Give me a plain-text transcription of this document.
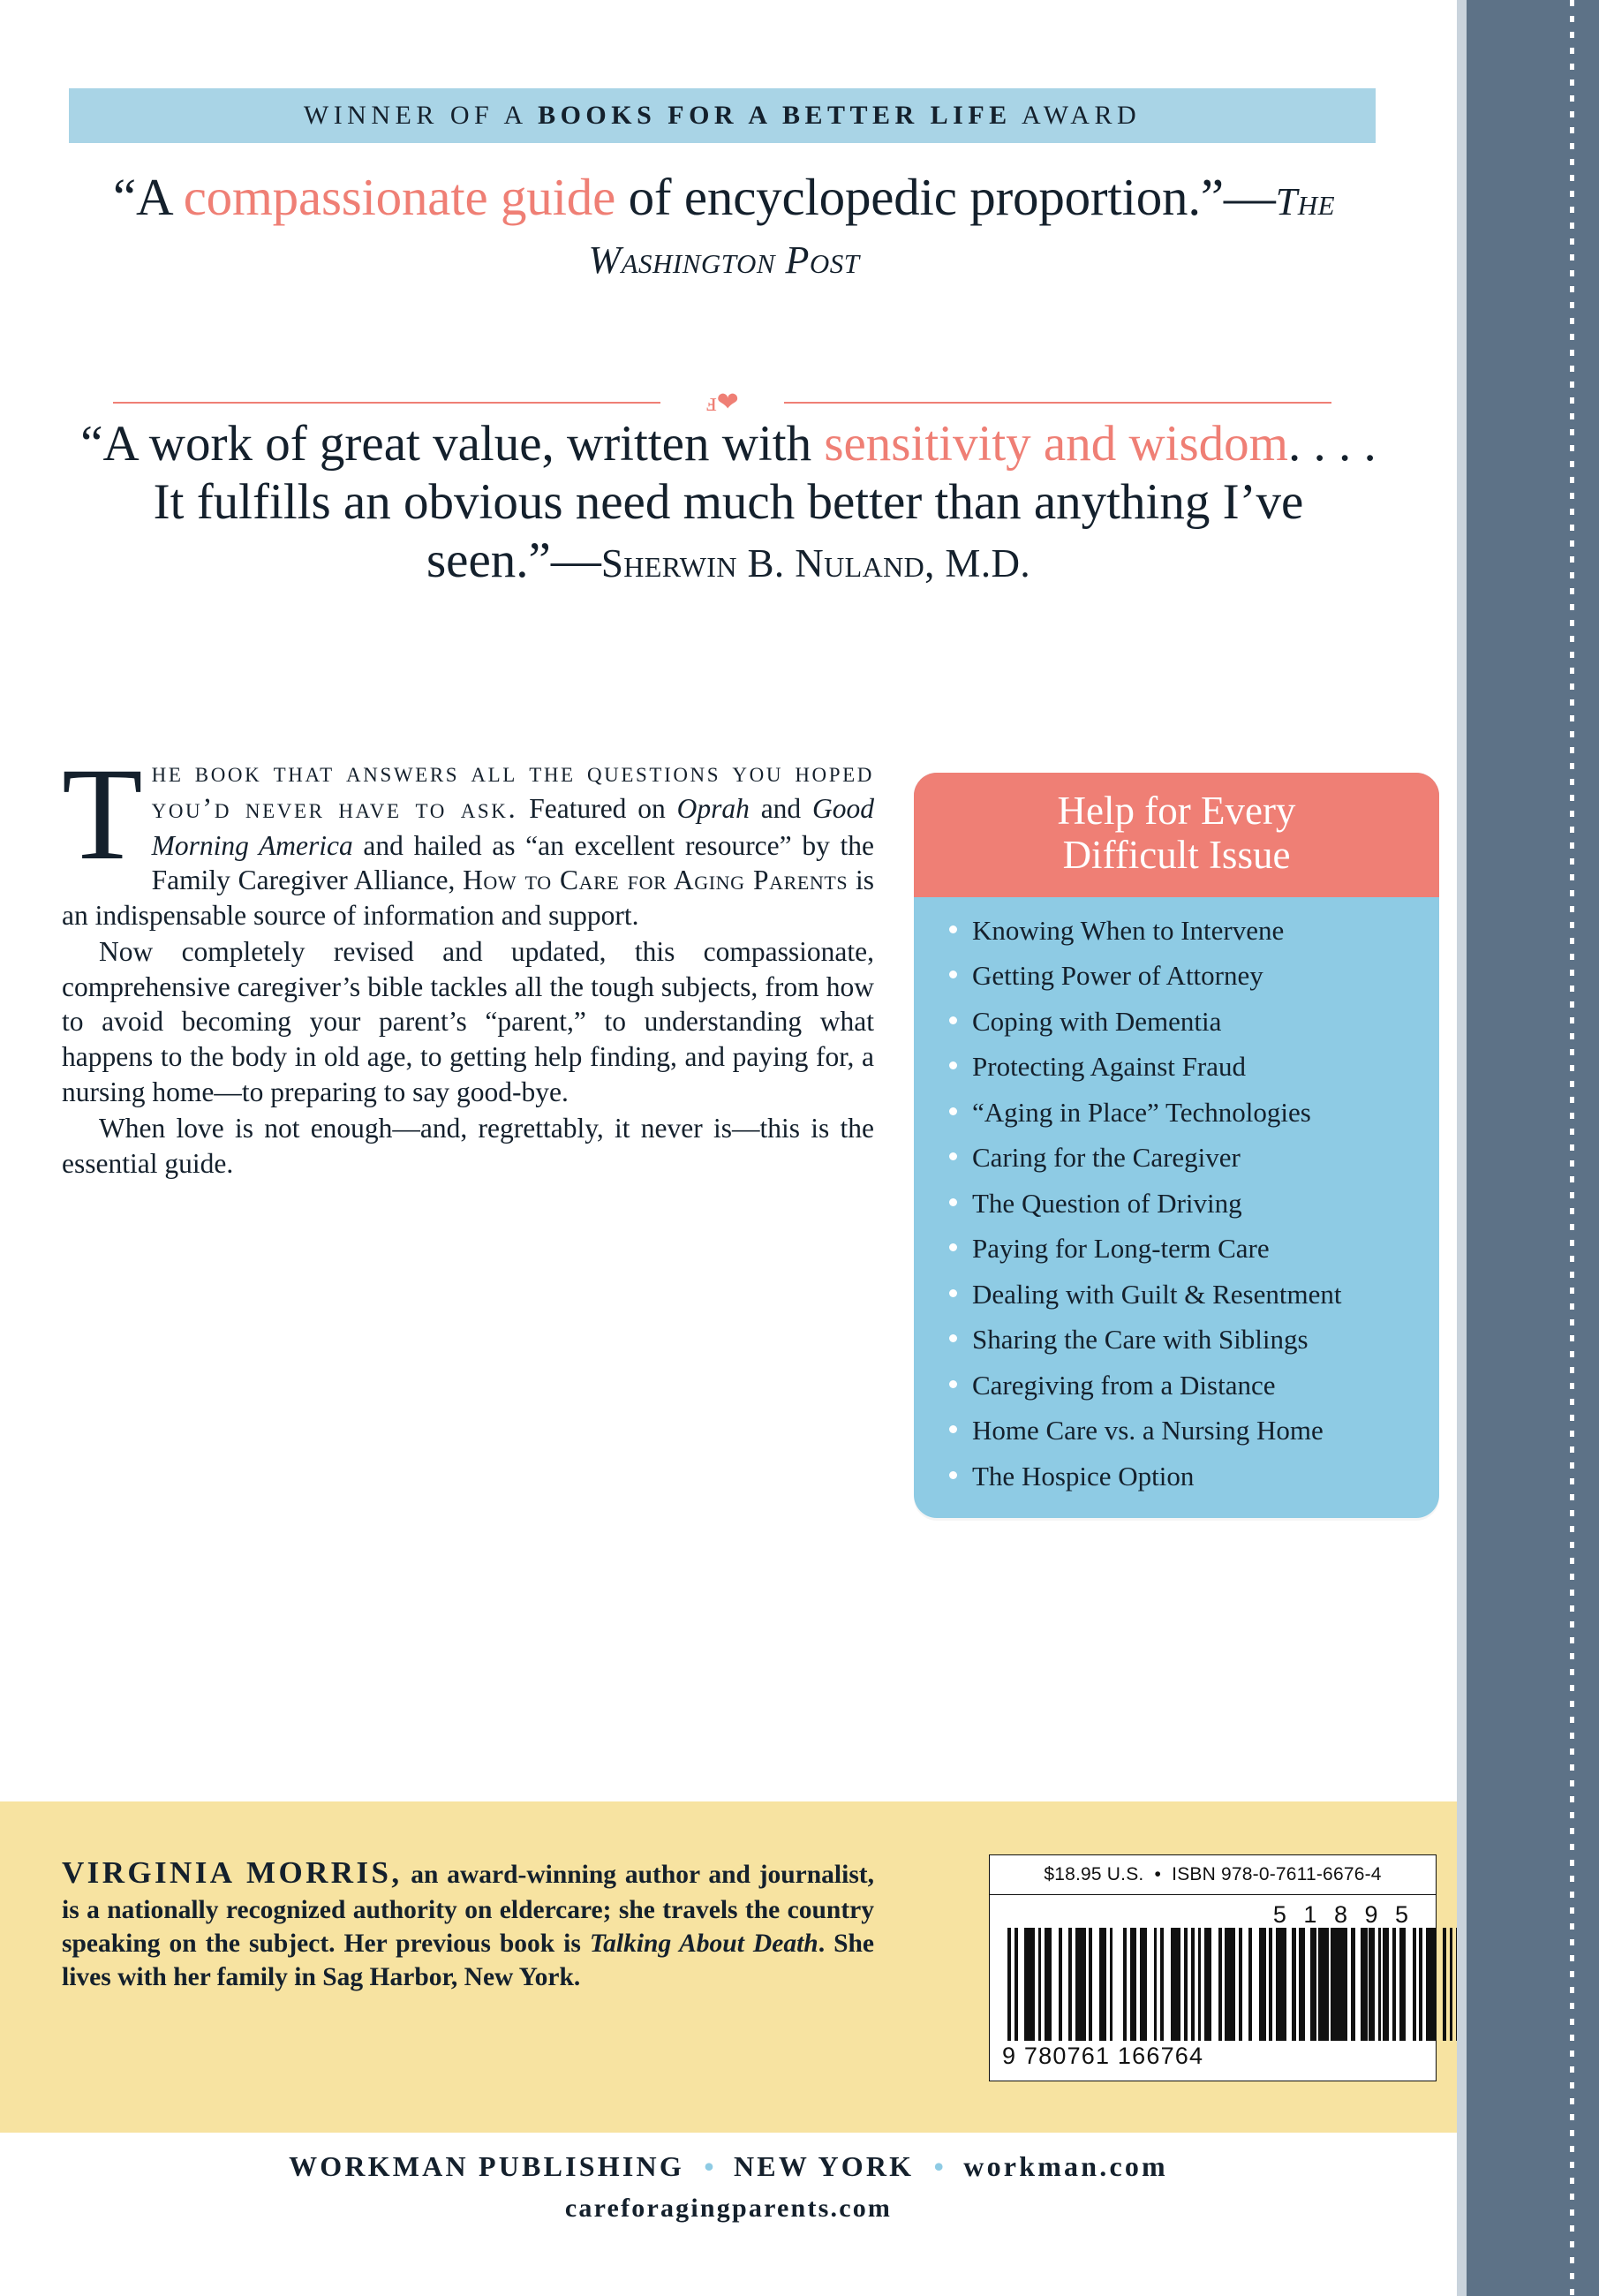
WINNER OF A BOOKS FOR A BETTER LIFE AWARD
“A compassionate guide of encyclopedic proportion.”—The Washington Post
ⅎ❤
“A work of great value, written with sensitivity and wisdom. . . . It fulfills an obvious need much better than anything I’ve seen.”—Sherwin B. Nuland, M.D.

The book that answers all the questions you hoped you’d never have to ask. Featured on Oprah and Good Morning America and hailed as “an excellent resource” by the Family Caregiver Alliance, How to Care for Aging Parents is an indispensable source of information and support.

Now completely revised and updated, this compassionate, comprehensive caregiver’s bible tackles all the tough subjects, from how to avoid becoming your parent’s “parent,” to understanding what happens to the body in old age, to getting help finding, and paying for, a nursing home—to preparing to say good-bye.

When love is not enough—and, regrettably, it never is—this is the essential guide.

Help for Every
Difficult Issue
Knowing When to Intervene
Getting Power of Attorney
Coping with Dementia
Protecting Against Fraud
“Aging in Place” Technologies
Caring for the Caregiver
The Question of Driving
Paying for Long-term Care
Dealing with Guilt & Resentment
Sharing the Care with Siblings
Caregiving from a Distance
Home Care vs. a Nursing Home
The Hospice Option
VIRGINIA MORRIS, an award-winning author and journalist, is a nationally recognized authority on eldercare; she travels the country speaking on the subject. Her previous book is Talking About Death. She lives with her family in Sag Harbor, New York.
$18.95 U.S.
•
ISBN 978-0-7611-6676-4
5 1 8 9 5
9 780761 166764
WORKMAN PUBLISHING • NEW YORK • workman.com
careforagingparents.com
